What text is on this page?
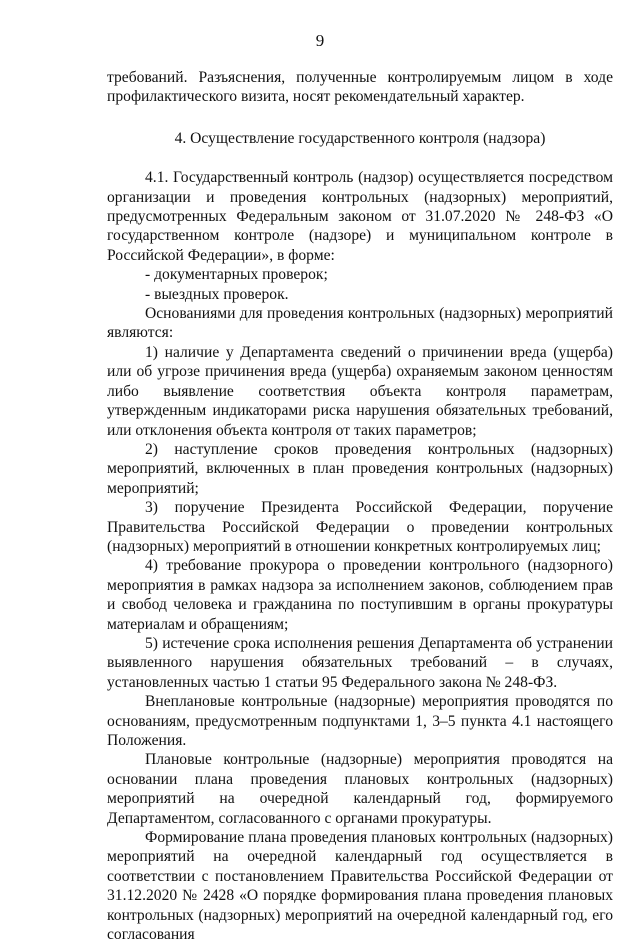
9

требований. Разъяснения, полученные контролируемым лицом в ходе профилактического визита, носят рекомендательный характер.

4. Осуществление государственного контроля (надзора)

4.1. Государственный контроль (надзор) осуществляется посредством организации и проведения контрольных (надзорных) мероприятий, предусмотренных Федеральным законом от 31.07.2020 № 248-ФЗ «О государственном контроле (надзоре) и муниципальном контроле в Российской Федерации», в форме:

- документарных проверок;

- выездных проверок.

Основаниями для проведения контрольных (надзорных) мероприятий являются:

1) наличие у Департамента сведений о причинении вреда (ущерба) или об угрозе причинения вреда (ущерба) охраняемым законом ценностям либо выявление соответствия объекта контроля параметрам, утвержденным индикаторами риска нарушения обязательных требований, или отклонения объекта контроля от таких параметров;

2) наступление сроков проведения контрольных (надзорных) мероприятий, включенных в план проведения контрольных (надзорных) мероприятий;

3) поручение Президента Российской Федерации, поручение Правительства Российской Федерации о проведении контрольных (надзорных) мероприятий в отношении конкретных контролируемых лиц;

4) требование прокурора о проведении контрольного (надзорного) мероприятия в рамках надзора за исполнением законов, соблюдением прав и свобод человека и гражданина по поступившим в органы прокуратуры материалам и обращениям;

5) истечение срока исполнения решения Департамента об устранении выявленного нарушения обязательных требований – в случаях, установленных частью 1 статьи 95 Федерального закона № 248-ФЗ.

Внеплановые контрольные (надзорные) мероприятия проводятся по основаниям, предусмотренным подпунктами 1, 3–5 пункта 4.1 настоящего Положения.

Плановые контрольные (надзорные) мероприятия проводятся на основании плана проведения плановых контрольных (надзорных) мероприятий на очередной календарный год, формируемого Департаментом, согласованного с органами прокуратуры.

Формирование плана проведения плановых контрольных (надзорных) мероприятий на очередной календарный год осуществляется в соответствии с постановлением Правительства Российской Федерации от 31.12.2020 № 2428 «О порядке формирования плана проведения плановых контрольных (надзорных) мероприятий на очередной календарный год, его согласования
